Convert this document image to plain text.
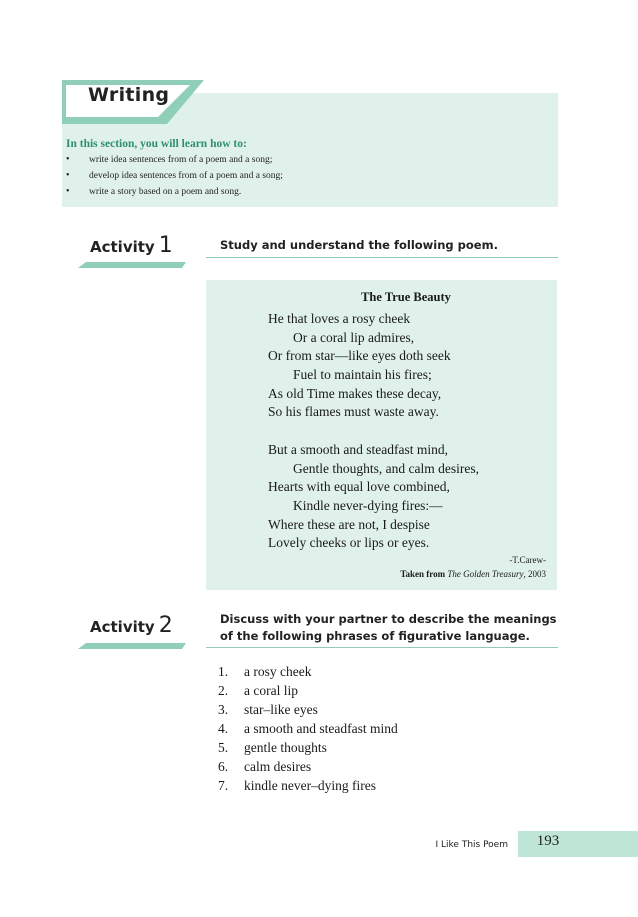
Writing
In this section, you will learn how to:
• write idea sentences from of a poem and a song;
• develop idea sentences from of a poem and a song;
• write a story based on a poem and song.
Activity 1	Study and understand the following poem.
The True Beauty
He that loves a rosy cheek
Or a coral lip admires,
Or from star—like eyes doth seek
Fuel to maintain his fires;
As old Time makes these decay,
So his flames must waste away.
But a smooth and steadfast mind,
Gentle thoughts, and calm desires,
Hearts with equal love combined,
Kindle never-dying fires:—
Where these are not, I despise
Lovely cheeks or lips or eyes.
-T.Carew-
Taken from The Golden Treasury, 2003
Activity 2	Discuss with your partner to describe the meanings
of the following phrases of figurative language.
1. a rosy cheek
2. a coral lip
3. star–like eyes
4. a smooth and steadfast mind
5. gentle thoughts
6. calm desires
7. kindle never–dying fires
I Like This Poem	193
